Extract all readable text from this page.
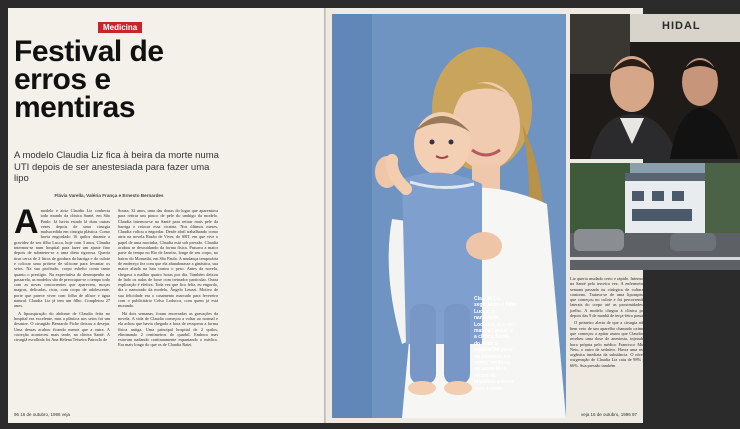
Medicina
Festival de erros e mentiras

A modelo Claudia Liz fica à beira da morte numa UTI depois de ser anestesiada para fazer uma lipo

Flávia Varella, Valéria França e Ernesto Bernardes
Amodelo e atriz Claudia Liz conhecia todo mundo da clínica Santé, em São Paulo. Já havia estado lá duas outras vezes depois de uma cirurgia malsucedida em cirurgia plástica. Como havia engordado 16 quilos durante a gravidez de seu filho Lucca, hoje com 3 anos, Claudia internou-se num hospital para fazer um ajuste fino depois de submeter-se a uma dieta rigorosa. Queria tirar cerca de 2 litros de gordura da barriga e do culote e colocar uma prótese de silicone para levantar os seios. Na sua profissão, corpo esbelto conta tanto quanto o prestígio. Na expectativa do desempenho na passarela, as modelos são de preocupar-se o tempo todo com as novas concorrentes que aparecem, moças magras, delicadas, ricas, com corpo de adolescente, porte que parece viver com folha de alface e água natural. Claudia Liz já tem um filho. Completou 27 anos.

A lipoaspiração do abdome de Claudia feita no hospital era excelente, mas a plástica nos seios foi um desastre. O cirurgião Bernardo Fiche deixou a desejar. Uma dessas acabou ficando menor que a outra. A correção aconteceu mais tarde, na clínica Santé. A cirurgiã escolhida foi Ana Helena Teixeira Patroclo de

Souza, 32 anos, uma das donas do lugar que aparentava para retirar um pouco de pele do umbigo da modelo. Claudia internou-se na Santé para retirar mais pele da barriga e retocar essa cicatriz. Nos últimos meses, Claudia voltou a engordar. Desde abril trabalhando como atriz na novela Razão de Viver, do SBT, em que vive o papel de uma mocinha, Claudia está sob pressão. Claudia acabou se descuidando da forma física. Passava a maior parte do tempo no Rio de Janeiro, longe de seu corpo, no bairro do Morumbi, em São Paulo. A mudança temporária de endereço fez com que ela abandonasse a ginástica, sua maior aliada na luta contra o peso. Antes da novela, chegava a malhar quatro horas por dia. Também deixou de lado os aulas de boxe com treinador particular. Outra explicação é efetiva. Toda vez que fico feliz, eu engordo, diz o namorado da modelo, Ângelo Leuzzi. Motivo de sua felicidade era o casamento marcado para fevereiro com o publicitário Celso Loducca, com quem já está morando.

Há dois semanas, foram encerradas as gravações da novela. A vida de Claudia começou a voltar ao normal e ela achou que havia chegado a hora de recuperar a forma física antiga. Uma principal hospital de 2 quilos, eliminando 2 centímetros do quadril. Embora mas estavam nadando continuamente espantando o médico. Era mais longo do que os de Claudia Raízi.

96 16 de outubro, 1996 veja
Claudia Liz, segurando o filho Lucca: o namorado, Loducca, e, o ex-marido Leuzzi; e a clínica Santé, do onde a modelo foi parar no Einstein, em coma: médicos na sexta-feira, receio de impalsos e risco para a visão
HIDAL

Liz queria mudado certo e rápido. Internou-se na Santé pela terceira vez. A enfermeira da semana passada ou cirúrgica de cultura de contorno. Tratava-se de uma lipoaspiração que começou no culote e foi percorrendo as laterais do corpo até as proximidades do joelho. A modelo chegou à clínica pouco depois das 9 de manhã de terça-feira passada.

O primeiro alerta de que a cirurgia não ia bem veio de um aparelho chamado oxímetro, que começou a apitar assim que Claudia Liz recebeu uma dose de anestesia, injetada na hora própria pelo médico Francisco Mimati Neto, o outro de sedativo. Havia uma reação orgânica imediata da substância. O nível de oxigenação de Claudia Liz caiu de 98% para 66%. Sua pressão também

veja 16 de outubro, 1996 97
